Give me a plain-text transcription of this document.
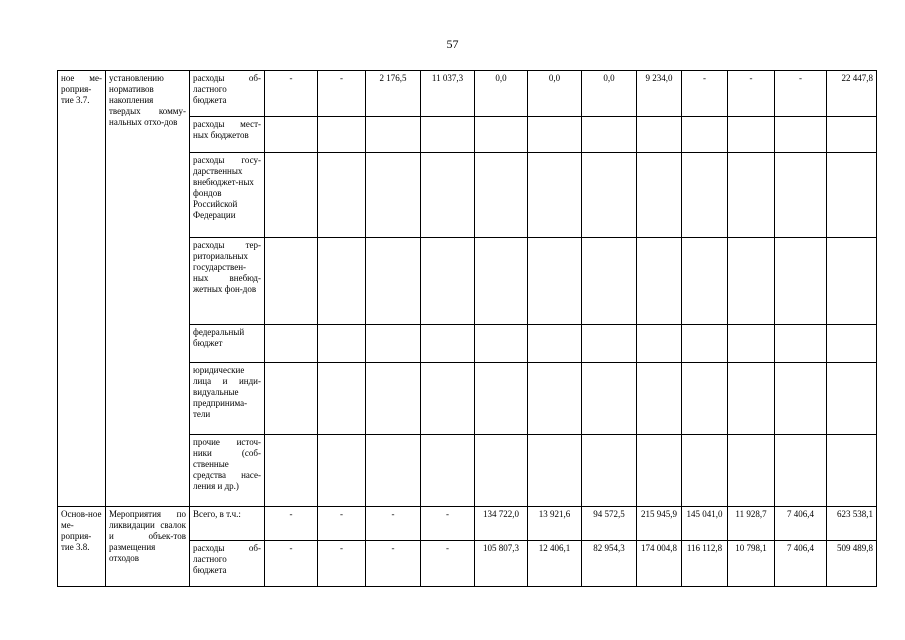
57
ное ме-роприя-тие 3.7.	установлению нормативов накопления твердых комму-нальных отхо-дов	расходы об-ластного бюджета	-	-	2 176,5	11 037,3	0,0	0,0	0,0	9 234,0	-	-	-	22 447,8
		расходы мест-ных бюджетов												
		расходы госу-дарственных внебюджет-ных фондов Российской Федерации												
		расходы тер-риториальных государствен-ных внебюд-жетных фон-дов												
		федеральный бюджет												
		юридические лица и инди-видуальные предпринима-тели												
		прочие источ-ники (соб-ственные средства насе-ления и др.)												
Основ-ное ме-роприя-тие 3.8.	Мероприятия по ликвидации свалок и объек-тов размещения отходов	Всего, в т.ч.:	-	-	-	-	134 722,0	13 921,6	94 572,5	215 945,9	145 041,0	11 928,7	7 406,4	623 538,1
		расходы об-ластного бюджета	-	-	-	-	105 807,3	12 406,1	82 954,3	174 004,8	116 112,8	10 798,1	7 406,4	509 489,8
